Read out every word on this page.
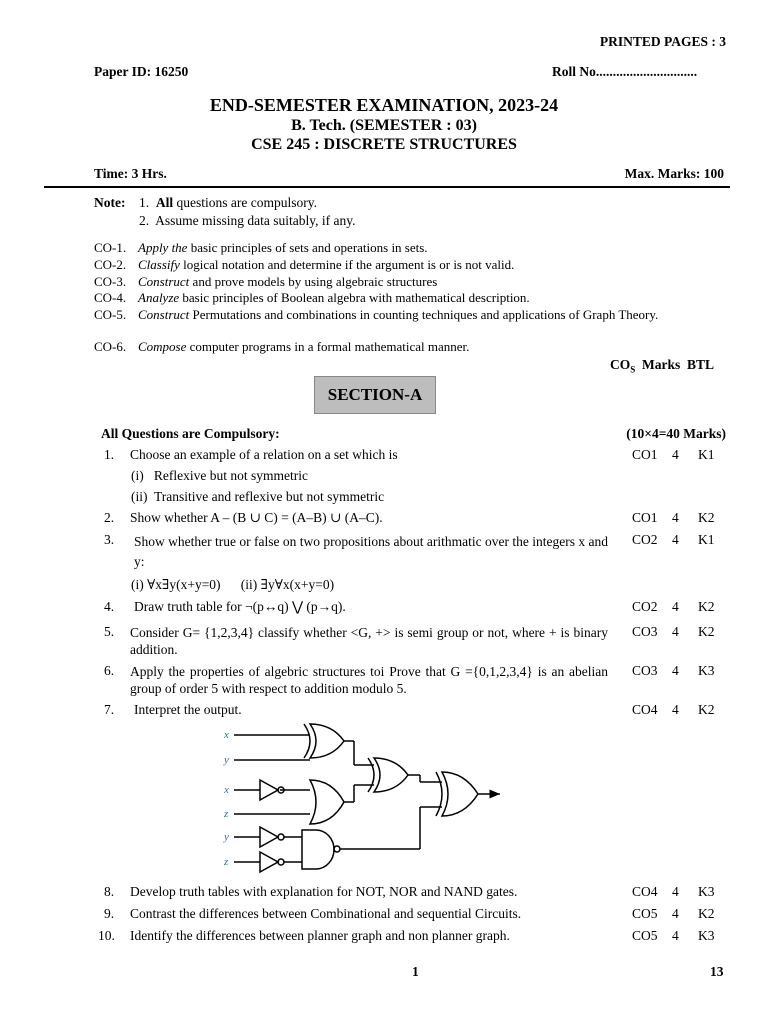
PRINTED PAGES : 3
Paper ID: 16250	Roll No..............................
END-SEMESTER EXAMINATION, 2023-24
B. Tech. (SEMESTER : 03)
CSE 245 : DISCRETE STRUCTURES
Time: 3 Hrs.	Max. Marks: 100
Note: 1. All questions are compulsory.
2. Assume missing data suitably, if any.
CO-1. Apply the basic principles of sets and operations in sets.
CO-2. Classify logical notation and determine if the argument is or is not valid.
CO-3. Construct and prove models by using algebraic structures
CO-4. Analyze basic principles of Boolean algebra with mathematical description.
CO-5. Construct Permutations and combinations in counting techniques and applications of Graph Theory.
CO-6. Compose computer programs in a formal mathematical manner.
$CO_S$ Marks BTL
SECTION-A
All Questions are Compulsory:	(10×4=40 Marks)
1. Choose an example of a relation on a set which is
(i)   Reflexive but not symmetric
(ii)  Transitive and reflexive but not symmetric
CO1 4 K1
2. Show whether A – (B ∪ C) = (A–B) ∪ (A–C).	CO1 4 K2
3. Show whether true or false on two propositions about arithmatic over the integers x and y:
(i) ∀x∃y(x+y=0)      (ii) ∃y∀x(x+y=0)
CO2 4 K1
4. Draw truth table for ¬(p↔q) ⋁ (p→q).	CO2 4 K2
5. Consider G= {1,2,3,4} classify whether <G, +> is semi group or not, where + is binary addition.
CO3 4 K2
6. Apply the properties of algebric structures toi Prove that G ={0,1,2,3,4} is an abelian group of order 5 with respect to addition modulo 5.
CO3 4 K3
7. Interpret the output.	CO4 4 K2
x
y
x
z
y
z
8. Develop truth tables with explanation for NOT, NOR and NAND gates.	CO4 4 K3
9. Contrast the differences between Combinational and sequential Circuits.	CO5 4 K2
10. Identify the differences between planner graph and non planner graph.	CO5 4 K3
1	13
